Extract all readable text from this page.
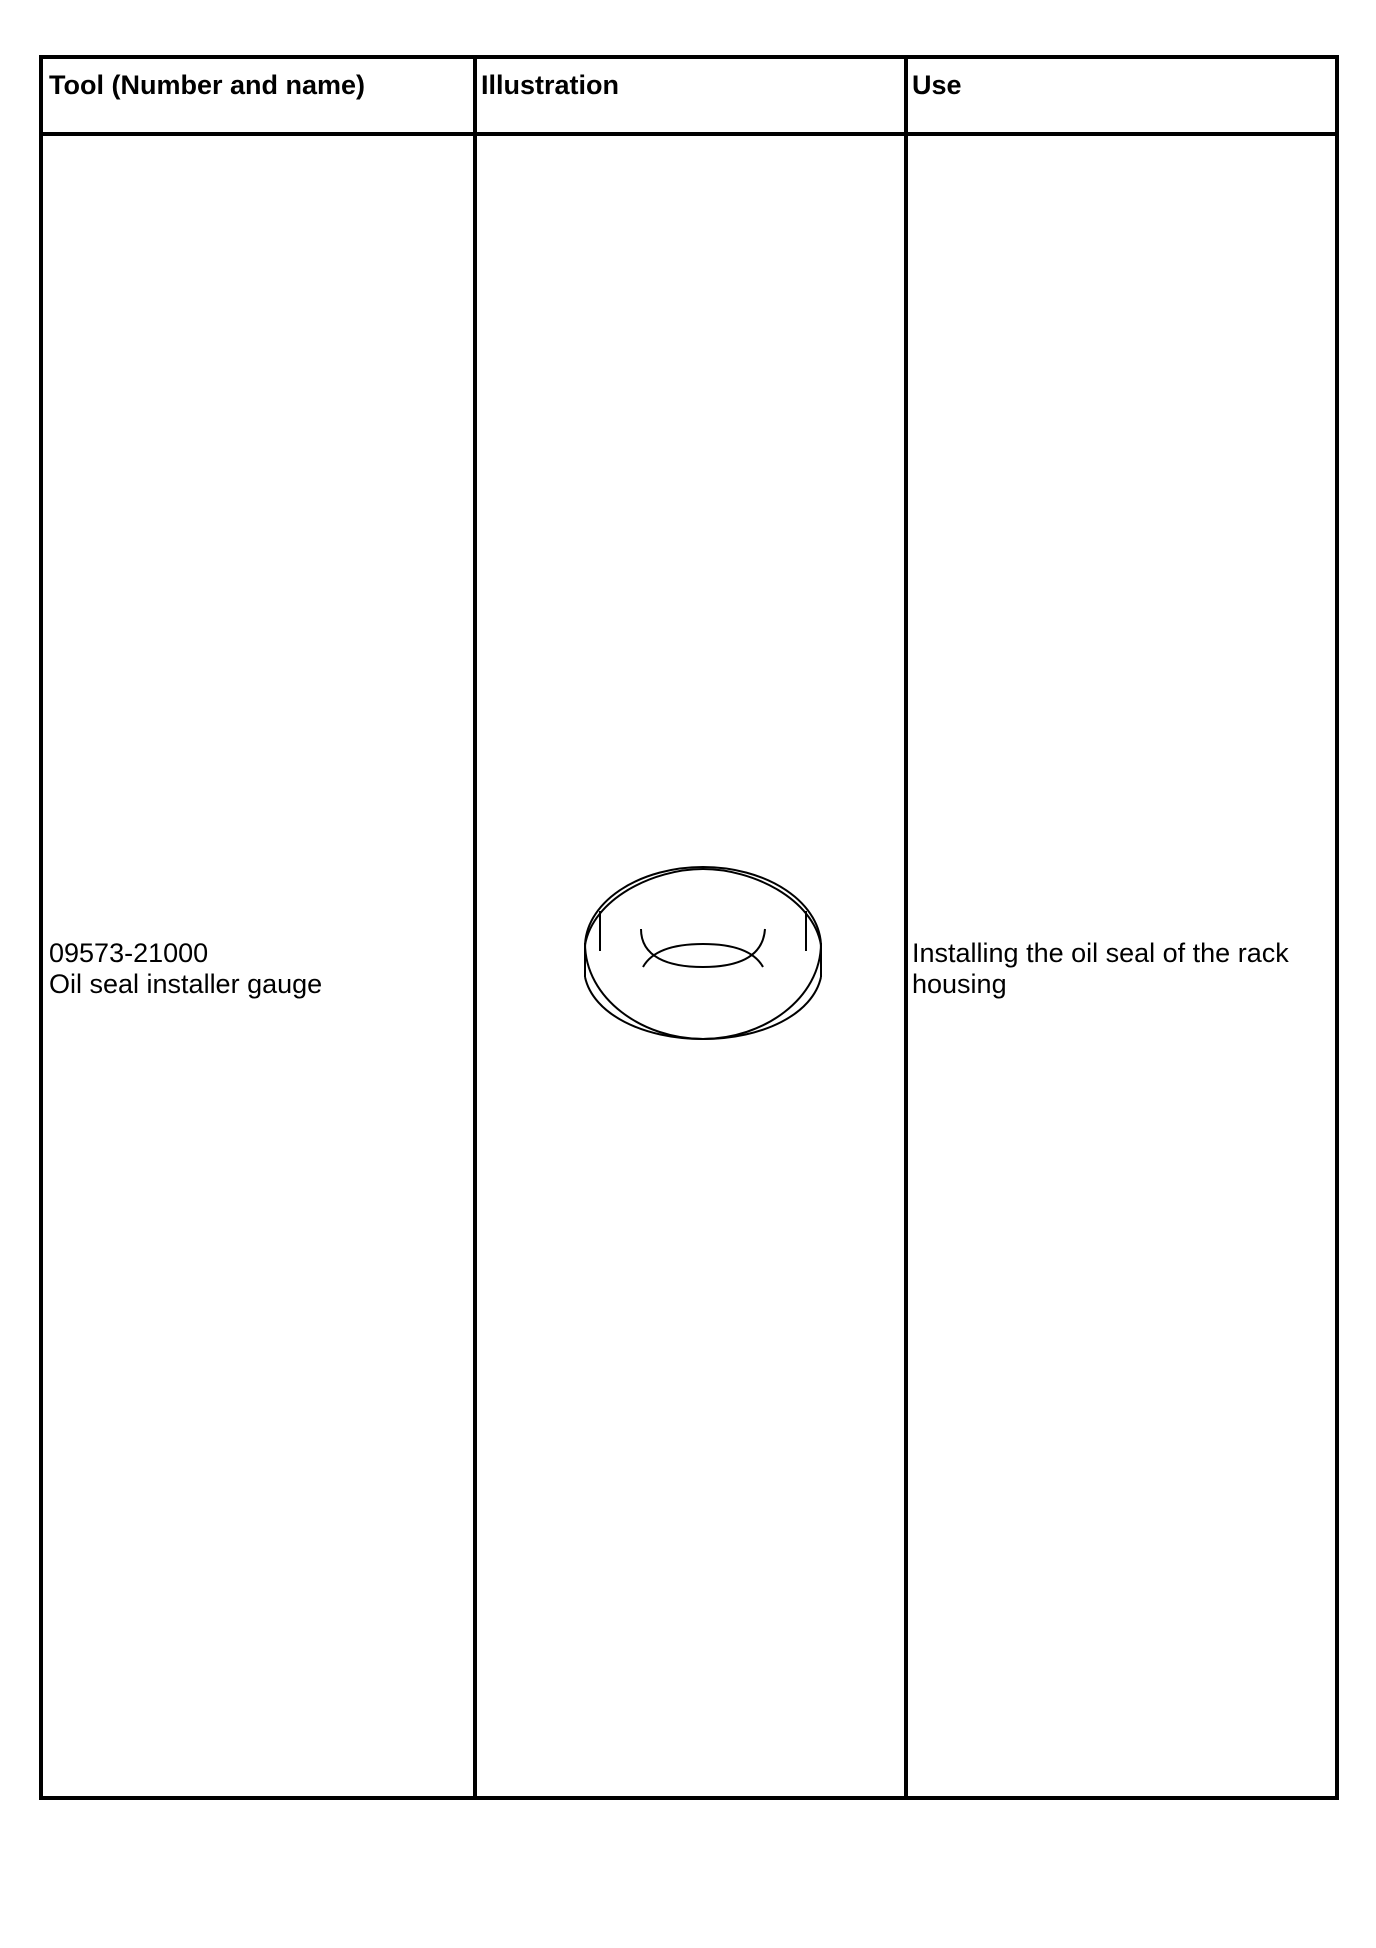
Tool (Number and name)	Illustration	Use
09573-21000
Oil seal installer gauge
Installing the oil seal of the rack
housing
